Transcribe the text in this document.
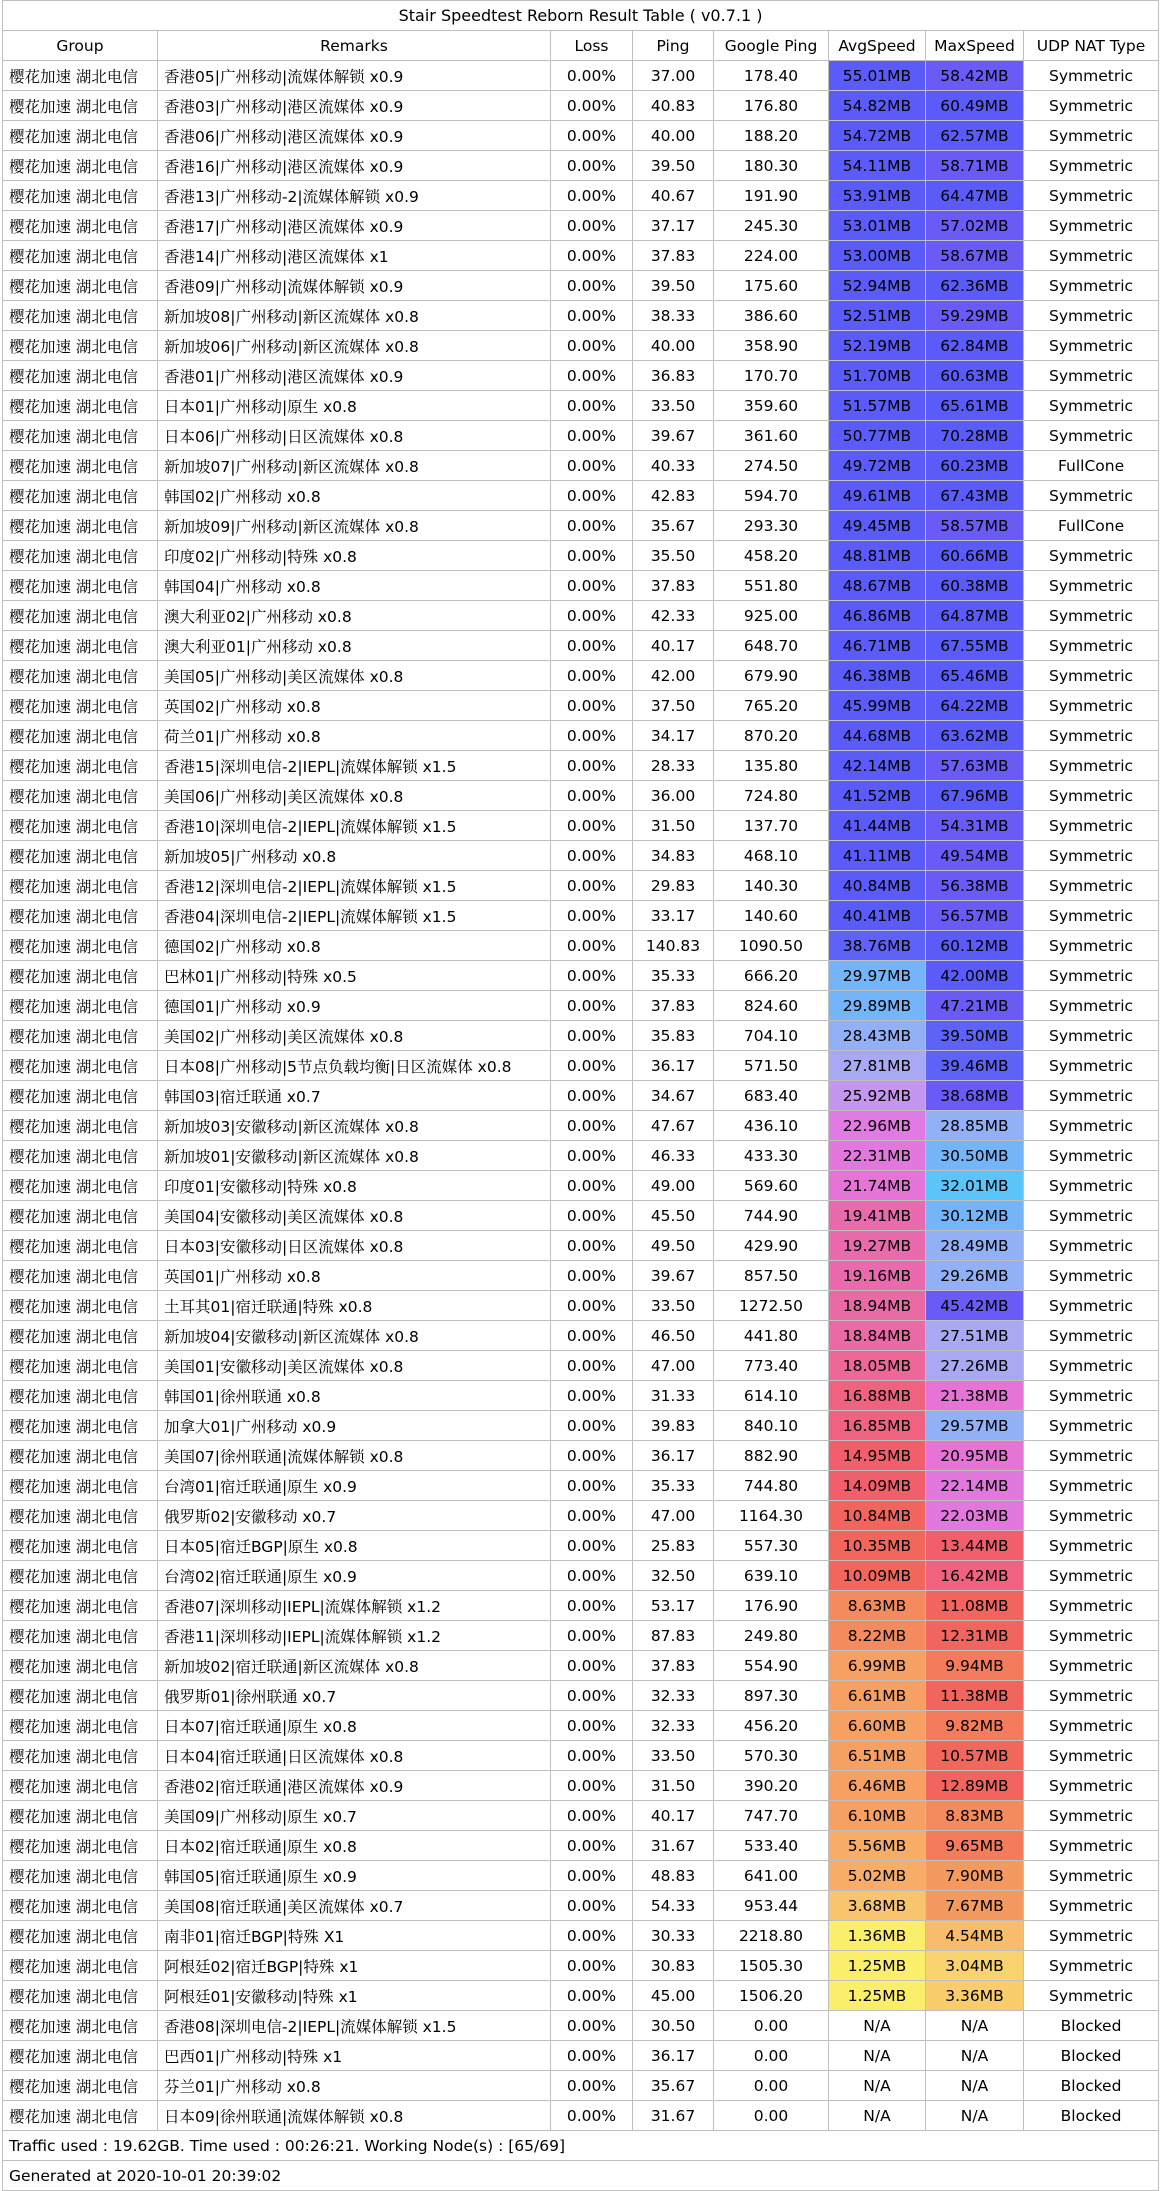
Stair Speedtest Reborn Result Table ( v0.7.1 )							
Group	Remarks	Loss	Ping	Google Ping	AvgSpeed	MaxSpeed	UDP NAT Type
樱花加速 湖北电信	香港05|广州移动|流媒体解锁 x0.9	0.00%	37.00	178.40	55.01MB	58.42MB	Symmetric
樱花加速 湖北电信	香港03|广州移动|港区流媒体 x0.9	0.00%	40.83	176.80	54.82MB	60.49MB	Symmetric
樱花加速 湖北电信	香港06|广州移动|港区流媒体 x0.9	0.00%	40.00	188.20	54.72MB	62.57MB	Symmetric
樱花加速 湖北电信	香港16|广州移动|港区流媒体 x0.9	0.00%	39.50	180.30	54.11MB	58.71MB	Symmetric
樱花加速 湖北电信	香港13|广州移动-2|流媒体解锁 x0.9	0.00%	40.67	191.90	53.91MB	64.47MB	Symmetric
樱花加速 湖北电信	香港17|广州移动|港区流媒体 x0.9	0.00%	37.17	245.30	53.01MB	57.02MB	Symmetric
樱花加速 湖北电信	香港14|广州移动|港区流媒体 x1	0.00%	37.83	224.00	53.00MB	58.67MB	Symmetric
樱花加速 湖北电信	香港09|广州移动|流媒体解锁 x0.9	0.00%	39.50	175.60	52.94MB	62.36MB	Symmetric
樱花加速 湖北电信	新加坡08|广州移动|新区流媒体 x0.8	0.00%	38.33	386.60	52.51MB	59.29MB	Symmetric
樱花加速 湖北电信	新加坡06|广州移动|新区流媒体 x0.8	0.00%	40.00	358.90	52.19MB	62.84MB	Symmetric
樱花加速 湖北电信	香港01|广州移动|港区流媒体 x0.9	0.00%	36.83	170.70	51.70MB	60.63MB	Symmetric
樱花加速 湖北电信	日本01|广州移动|原生 x0.8	0.00%	33.50	359.60	51.57MB	65.61MB	Symmetric
樱花加速 湖北电信	日本06|广州移动|日区流媒体 x0.8	0.00%	39.67	361.60	50.77MB	70.28MB	Symmetric
樱花加速 湖北电信	新加坡07|广州移动|新区流媒体 x0.8	0.00%	40.33	274.50	49.72MB	60.23MB	FullCone
樱花加速 湖北电信	韩国02|广州移动 x0.8	0.00%	42.83	594.70	49.61MB	67.43MB	Symmetric
樱花加速 湖北电信	新加坡09|广州移动|新区流媒体 x0.8	0.00%	35.67	293.30	49.45MB	58.57MB	FullCone
樱花加速 湖北电信	印度02|广州移动|特殊 x0.8	0.00%	35.50	458.20	48.81MB	60.66MB	Symmetric
樱花加速 湖北电信	韩国04|广州移动 x0.8	0.00%	37.83	551.80	48.67MB	60.38MB	Symmetric
樱花加速 湖北电信	澳大利亚02|广州移动 x0.8	0.00%	42.33	925.00	46.86MB	64.87MB	Symmetric
樱花加速 湖北电信	澳大利亚01|广州移动 x0.8	0.00%	40.17	648.70	46.71MB	67.55MB	Symmetric
樱花加速 湖北电信	美国05|广州移动|美区流媒体 x0.8	0.00%	42.00	679.90	46.38MB	65.46MB	Symmetric
樱花加速 湖北电信	英国02|广州移动 x0.8	0.00%	37.50	765.20	45.99MB	64.22MB	Symmetric
樱花加速 湖北电信	荷兰01|广州移动 x0.8	0.00%	34.17	870.20	44.68MB	63.62MB	Symmetric
樱花加速 湖北电信	香港15|深圳电信-2|IEPL|流媒体解锁 x1.5	0.00%	28.33	135.80	42.14MB	57.63MB	Symmetric
樱花加速 湖北电信	美国06|广州移动|美区流媒体 x0.8	0.00%	36.00	724.80	41.52MB	67.96MB	Symmetric
樱花加速 湖北电信	香港10|深圳电信-2|IEPL|流媒体解锁 x1.5	0.00%	31.50	137.70	41.44MB	54.31MB	Symmetric
樱花加速 湖北电信	新加坡05|广州移动 x0.8	0.00%	34.83	468.10	41.11MB	49.54MB	Symmetric
樱花加速 湖北电信	香港12|深圳电信-2|IEPL|流媒体解锁 x1.5	0.00%	29.83	140.30	40.84MB	56.38MB	Symmetric
樱花加速 湖北电信	香港04|深圳电信-2|IEPL|流媒体解锁 x1.5	0.00%	33.17	140.60	40.41MB	56.57MB	Symmetric
樱花加速 湖北电信	德国02|广州移动 x0.8	0.00%	140.83	1090.50	38.76MB	60.12MB	Symmetric
樱花加速 湖北电信	巴林01|广州移动|特殊 x0.5	0.00%	35.33	666.20	29.97MB	42.00MB	Symmetric
樱花加速 湖北电信	德国01|广州移动 x0.9	0.00%	37.83	824.60	29.89MB	47.21MB	Symmetric
樱花加速 湖北电信	美国02|广州移动|美区流媒体 x0.8	0.00%	35.83	704.10	28.43MB	39.50MB	Symmetric
樱花加速 湖北电信	日本08|广州移动|5节点负载均衡|日区流媒体 x0.8	0.00%	36.17	571.50	27.81MB	39.46MB	Symmetric
樱花加速 湖北电信	韩国03|宿迁联通 x0.7	0.00%	34.67	683.40	25.92MB	38.68MB	Symmetric
樱花加速 湖北电信	新加坡03|安徽移动|新区流媒体 x0.8	0.00%	47.67	436.10	22.96MB	28.85MB	Symmetric
樱花加速 湖北电信	新加坡01|安徽移动|新区流媒体 x0.8	0.00%	46.33	433.30	22.31MB	30.50MB	Symmetric
樱花加速 湖北电信	印度01|安徽移动|特殊 x0.8	0.00%	49.00	569.60	21.74MB	32.01MB	Symmetric
樱花加速 湖北电信	美国04|安徽移动|美区流媒体 x0.8	0.00%	45.50	744.90	19.41MB	30.12MB	Symmetric
樱花加速 湖北电信	日本03|安徽移动|日区流媒体 x0.8	0.00%	49.50	429.90	19.27MB	28.49MB	Symmetric
樱花加速 湖北电信	英国01|广州移动 x0.8	0.00%	39.67	857.50	19.16MB	29.26MB	Symmetric
樱花加速 湖北电信	土耳其01|宿迁联通|特殊 x0.8	0.00%	33.50	1272.50	18.94MB	45.42MB	Symmetric
樱花加速 湖北电信	新加坡04|安徽移动|新区流媒体 x0.8	0.00%	46.50	441.80	18.84MB	27.51MB	Symmetric
樱花加速 湖北电信	美国01|安徽移动|美区流媒体 x0.8	0.00%	47.00	773.40	18.05MB	27.26MB	Symmetric
樱花加速 湖北电信	韩国01|徐州联通 x0.8	0.00%	31.33	614.10	16.88MB	21.38MB	Symmetric
樱花加速 湖北电信	加拿大01|广州移动 x0.9	0.00%	39.83	840.10	16.85MB	29.57MB	Symmetric
樱花加速 湖北电信	美国07|徐州联通|流媒体解锁 x0.8	0.00%	36.17	882.90	14.95MB	20.95MB	Symmetric
樱花加速 湖北电信	台湾01|宿迁联通|原生 x0.9	0.00%	35.33	744.80	14.09MB	22.14MB	Symmetric
樱花加速 湖北电信	俄罗斯02|安徽移动 x0.7	0.00%	47.00	1164.30	10.84MB	22.03MB	Symmetric
樱花加速 湖北电信	日本05|宿迁BGP|原生 x0.8	0.00%	25.83	557.30	10.35MB	13.44MB	Symmetric
樱花加速 湖北电信	台湾02|宿迁联通|原生 x0.9	0.00%	32.50	639.10	10.09MB	16.42MB	Symmetric
樱花加速 湖北电信	香港07|深圳移动|IEPL|流媒体解锁 x1.2	0.00%	53.17	176.90	8.63MB	11.08MB	Symmetric
樱花加速 湖北电信	香港11|深圳移动|IEPL|流媒体解锁 x1.2	0.00%	87.83	249.80	8.22MB	12.31MB	Symmetric
樱花加速 湖北电信	新加坡02|宿迁联通|新区流媒体 x0.8	0.00%	37.83	554.90	6.99MB	9.94MB	Symmetric
樱花加速 湖北电信	俄罗斯01|徐州联通 x0.7	0.00%	32.33	897.30	6.61MB	11.38MB	Symmetric
樱花加速 湖北电信	日本07|宿迁联通|原生 x0.8	0.00%	32.33	456.20	6.60MB	9.82MB	Symmetric
樱花加速 湖北电信	日本04|宿迁联通|日区流媒体 x0.8	0.00%	33.50	570.30	6.51MB	10.57MB	Symmetric
樱花加速 湖北电信	香港02|宿迁联通|港区流媒体 x0.9	0.00%	31.50	390.20	6.46MB	12.89MB	Symmetric
樱花加速 湖北电信	美国09|广州移动|原生 x0.7	0.00%	40.17	747.70	6.10MB	8.83MB	Symmetric
樱花加速 湖北电信	日本02|宿迁联通|原生 x0.8	0.00%	31.67	533.40	5.56MB	9.65MB	Symmetric
樱花加速 湖北电信	韩国05|宿迁联通|原生 x0.9	0.00%	48.83	641.00	5.02MB	7.90MB	Symmetric
樱花加速 湖北电信	美国08|宿迁联通|美区流媒体 x0.7	0.00%	54.33	953.44	3.68MB	7.67MB	Symmetric
樱花加速 湖北电信	南非01|宿迁BGP|特殊 X1	0.00%	30.33	2218.80	1.36MB	4.54MB	Symmetric
樱花加速 湖北电信	阿根廷02|宿迁BGP|特殊 x1	0.00%	30.83	1505.30	1.25MB	3.04MB	Symmetric
樱花加速 湖北电信	阿根廷01|安徽移动|特殊 x1	0.00%	45.00	1506.20	1.25MB	3.36MB	Symmetric
樱花加速 湖北电信	香港08|深圳电信-2|IEPL|流媒体解锁 x1.5	0.00%	30.50	0.00	N/A	N/A	Blocked
樱花加速 湖北电信	巴西01|广州移动|特殊 x1	0.00%	36.17	0.00	N/A	N/A	Blocked
樱花加速 湖北电信	芬兰01|广州移动 x0.8	0.00%	35.67	0.00	N/A	N/A	Blocked
樱花加速 湖北电信	日本09|徐州联通|流媒体解锁 x0.8	0.00%	31.67	0.00	N/A	N/A	Blocked
Traffic used : 19.62GB. Time used : 00:26:21. Working Node(s) : [65/69]							
Generated at 2020-10-01 20:39:02							
